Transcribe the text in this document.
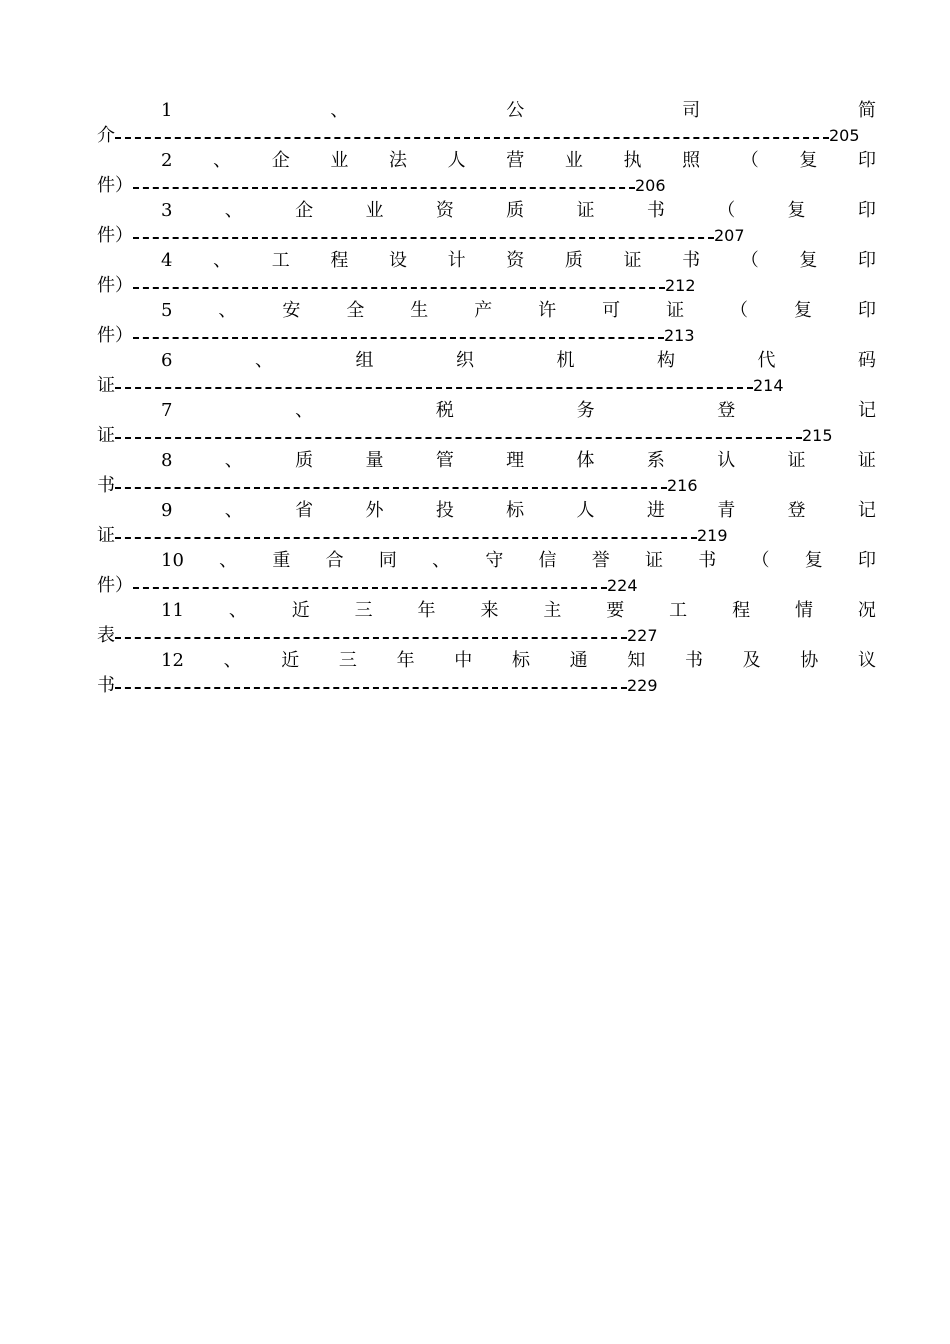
1	、	公	司	简
介	205
2 、 企 业 法 人 营 业 执 照 （ 复 印
件）	206
3	、	企	业	资	质	证	书	（	复	印
件）	207
4 、 工 程 设 计 资 质 证 书 （ 复 印
件）	212
5	、	安	全	生	产	许	可	证	（	复	印
件）	213
6	、	组	织	机	构	代	码
证	214
7	、	税	务	登	记
证	215
8	、	质	量	管	理	体	系	认	证	证
书	216
9	、	省	外	投	标	人	进	青	登	记
证	219
10 、 重 合 同 、 守 信 誉 证 书 （ 复 印
件）	224
11 、 近 三 年 来 主 要 工 程 情 况
表	227
12 、 近 三 年 中 标 通 知 书 及 协 议
书	229
